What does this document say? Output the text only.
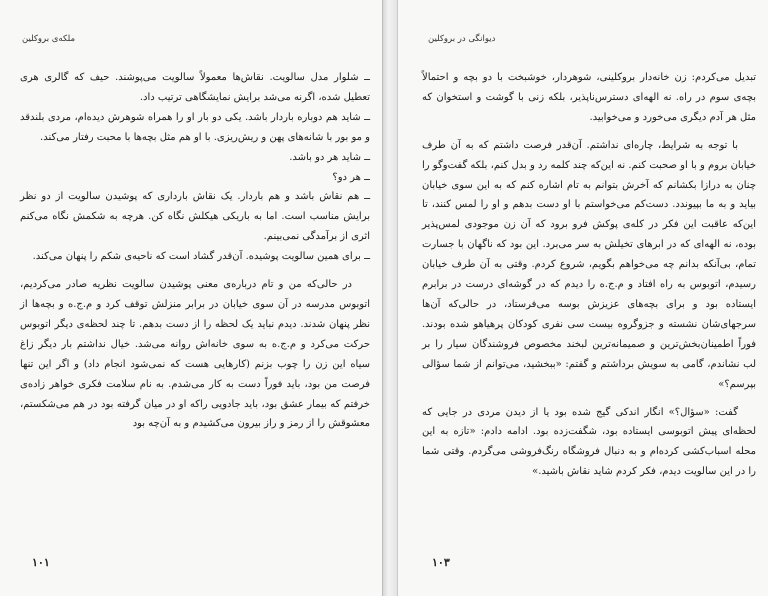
ملکه‌ی بروکلین

ــ شلوار مدل سالویت. نقاش‌ها معمولاً سالویت می‌پوشند. حیف که گالری هری تعطیل شده، اگرنه می‌شد برایش نمایشگاهی ترتیب داد.

ــ شاید هم دوباره باردار باشد. یکی دو بار او را همراه شوهرش دیده‌ام، مردی بلندقد و مو بور با شانه‌های پهن و ریش‌ریزی. با او هم مثل بچه‌ها با محبت رفتار می‌کند.

ــ شاید هر دو باشد.

ــ هر دو؟

ــ هم نقاش باشد و هم باردار. یک نقاش بارداری که پوشیدن سالویت از دو نظر برایش مناسب است. اما به باریکی هیکلش نگاه کن. هرچه به شکمش نگاه می‌کنم اثری از برآمدگی نمی‌بینم.

ــ برای همین سالویت پوشیده. آن‌قدر گشاد است که ناحیه‌ی شکم را پنهان می‌کند.

در حالی‌که من و تام درباره‌ی معنی پوشیدن سالویت نظریه صادر می‌کردیم، اتوبوس مدرسه در آن سوی خیابان در برابر منزلش توقف کرد و م.ج.ه و بچه‌ها از نظر پنهان شدند. دیدم نباید یک لحظه را از دست بدهم. تا چند لحظه‌ی دیگر اتوبوس حرکت می‌کرد و م.ج.ه به سوی خانه‌اش روانه می‌شد. خیال نداشتم بار دیگر زاغ سیاه این زن را چوب بزنم (کارهایی هست که نمی‌شود انجام داد) و اگر این تنها فرصت من بود، باید فوراً دست به کار می‌شدم. به نام سلامت فکری خواهر زاده‌ی خرفتم که بیمار عشق بود، باید جادویی راکه او در میان گرفته بود در هم می‌شکستم، معشوقش را از رمز و راز بیرون می‌کشیدم و به آن‌چه بود

۱۰۱
دیوانگی در بروکلین

تبدیل می‌کردم: زن خانه‌دار بروکلینی، شوهردار، خوشبخت با دو بچه و احتمالاً بچه‌ی سوم در راه. نه الهه‌ای دسترس‌ناپذیر، بلکه زنی با گوشت و استخوان که مثل هر آدم دیگری می‌خورد و می‌خوابید.

با توجه به شرایط، چاره‌ای نداشتم. آن‌قدر فرصت داشتم که به آن طرف خیابان بروم و با او صحبت کنم. نه این‌که چند کلمه رد و بدل کنم، بلکه گفت‌وگو را چنان به درازا بکشانم که آخرش بتوانم به تام اشاره کنم که به این سوی خیابان بیاید و به ما بپیوندد. دست‌کم می‌خواستم با او دست بدهم و او را لمس کنند، تا این‌که عاقبت این فکر در کله‌ی پوکش فرو برود که آن زن موجودی لمس‌پذیر بوده، نه الهه‌ای که در ابرهای تخیلش به سر می‌برد. این بود که ناگهان با جسارت تمام، بی‌آنکه بدانم چه می‌خواهم بگویم، شروع کردم. وقتی به آن طرف خیابان رسیدم، اتوبوس به راه افتاد و م.ج.ه را دیدم که در گوشه‌ای درست در برابرم ایستاده بود و برای بچه‌های عزیزش بوسه می‌فرستاد، در حالی‌که آن‌ها سرجهای‌شان نشسته و جزوگروه بیست سی نفری کودکان پرهیاهو شده بودند. فوراً اطمینان‌بخش‌ترین و صمیمانه‌ترین لبخند مخصوص فروشندگان سیار را بر لب نشاندم، گامی به سویش برداشتم و گفتم: «ببخشید، می‌توانم از شما سؤالی بپرسم؟»

گفت: «سؤال؟» انگار اندکی گیج شده بود یا از دیدن مردی در جایی که لحظه‌ای پیش اتوبوسی ایستاده بود، شگفت‌زده بود. ادامه دادم: «تازه به این محله اسباب‌کشی کرده‌ام و به دنبال فروشگاه رنگ‌فروشی می‌گردم. وقتی شما را در این سالویت دیدم، فکر کردم شاید نقاش باشید.»

۱۰۳
